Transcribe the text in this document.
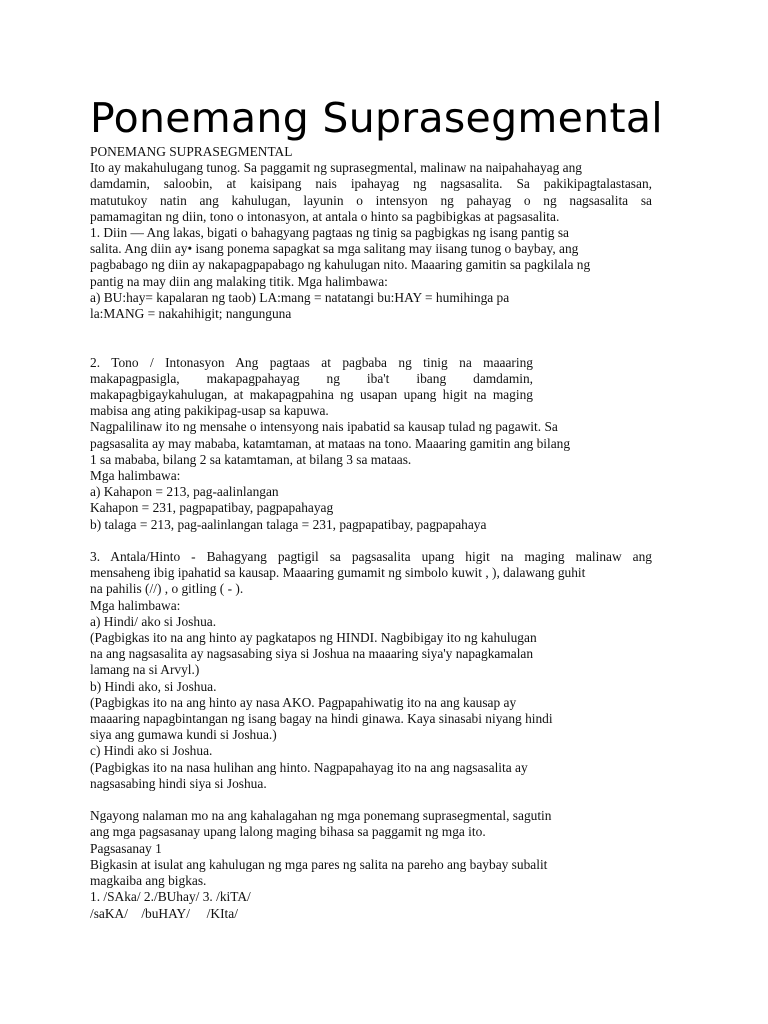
Ponemang Suprasegmental
PONEMANG SUPRASEGMENTAL
Ito ay makahulugang tunog. Sa paggamit ng suprasegmental, malinaw na naipahahayag ang
damdamin, saloobin, at kaisipang nais ipahayag ng nagsasalita. Sa pakikipagtalastasan,
matutukoy natin ang kahulugan, layunin o intensyon ng pahayag o ng nagsasalita sa
pamamagitan ng diin, tono o intonasyon, at antala o hinto sa pagbibigkas at pagsasalita.
1. Diin — Ang lakas, bigati o bahagyang pagtaas ng tinig sa pagbigkas ng isang pantig sa
salita. Ang diin ay• isang ponema sapagkat sa mga salitang may iisang tunog o baybay, ang
pagbabago ng diin ay nakapagpapabago ng kahulugan nito. Maaaring gamitin sa pagkilala ng
pantig na may diin ang malaking titik. Mga halimbawa:
a) BU:hay= kapalaran ng taob) LA:mang = natatangi bu:HAY = humihinga pa
la:MANG = nakahihigit; nangunguna
2. Tono / Intonasyon Ang pagtaas at pagbaba ng tinig na maaaring
makapagpasigla, makapagpahayag ng iba't ibang damdamin,
makapagbigaykahulugan, at makapagpahina ng usapan upang higit na maging
mabisa ang ating pakikipag-usap sa kapuwa.
Nagpalilinaw ito ng mensahe o intensyong nais ipabatid sa kausap tulad ng pagawit. Sa
pagsasalita ay may mababa, katamtaman, at mataas na tono. Maaaring gamitin ang bilang
1 sa mababa, bilang 2 sa katamtaman, at bilang 3 sa mataas.
Mga halimbawa:
a) Kahapon = 213, pag-aalinlangan
Kahapon = 231, pagpapatibay, pagpapahayag
b) talaga = 213, pag-aalinlangan talaga = 231, pagpapatibay, pagpapahaya
3. Antala/Hinto - Bahagyang pagtigil sa pagsasalita upang higit na maging malinaw ang
mensaheng ibig ipahatid sa kausap. Maaaring gumamit ng simbolo kuwit , ), dalawang guhit
na pahilis (//) , o gitling ( - ).
Mga halimbawa:
a) Hindi/ ako si Joshua.
(Pagbigkas ito na ang hinto ay pagkatapos ng HINDI. Nagbibigay ito ng kahulugan
na ang nagsasalita ay nagsasabing siya si Joshua na maaaring siya'y napagkamalan
lamang na si Arvyl.)
b) Hindi ako, si Joshua.
(Pagbigkas ito na ang hinto ay nasa AKO. Pagpapahiwatig ito na ang kausap ay
maaaring napagbintangan ng isang bagay na hindi ginawa. Kaya sinasabi niyang hindi
siya ang gumawa kundi si Joshua.)
c) Hindi ako si Joshua.
(Pagbigkas ito na nasa hulihan ang hinto. Nagpapahayag ito na ang nagsasalita ay
nagsasabing hindi siya si Joshua.
Ngayong nalaman mo na ang kahalagahan ng mga ponemang suprasegmental, sagutin
ang mga pagsasanay upang lalong maging bihasa sa paggamit ng mga ito.
Pagsasanay 1
Bigkasin at isulat ang kahulugan ng mga pares ng salita na pareho ang baybay subalit
magkaiba ang bigkas.
1. /SAka/ 2./BUhay/ 3. /kiTA/
/saKA/    /buHAY/     /KIta/
